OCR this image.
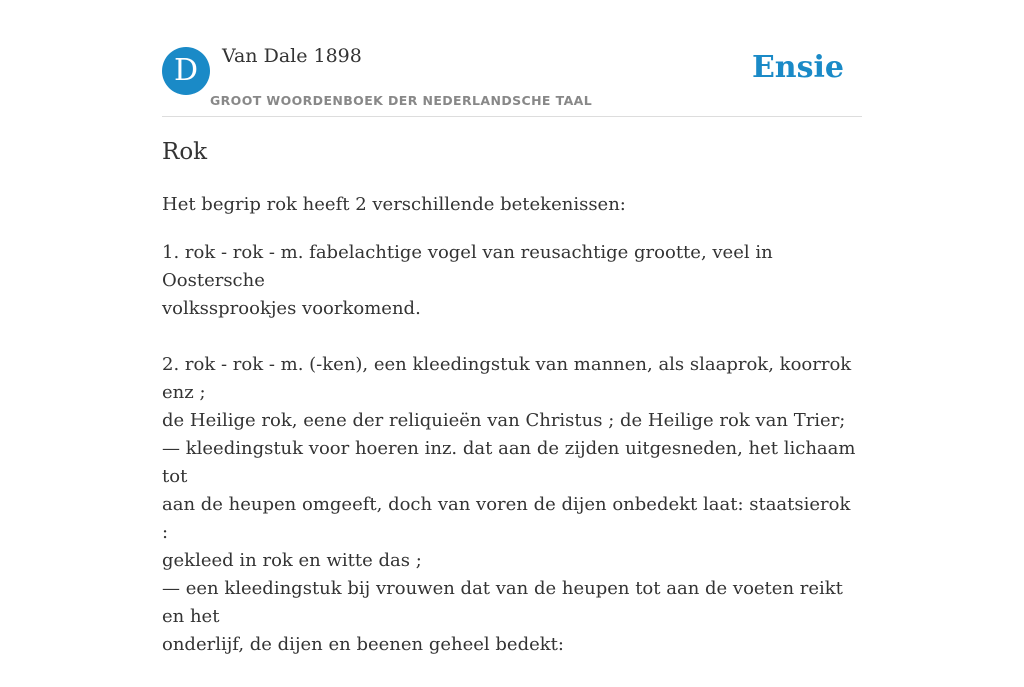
D	Van Dale 1898
GROOT WOORDENBOEK DER NEDERLANDSCHE TAAL
Ensie
Rok

Het begrip rok heeft 2 verschillende betekenissen:

1. rok - rok - m. fabelachtige vogel van reusachtige grootte, veel in Oostersche

volkssprookjes voorkomend.

2. rok - rok - m. (-ken), een kleedingstuk van mannen, als slaaprok, koorrok enz ;

de Heilige rok, eene der reliquieën van Christus ; de Heilige rok van Trier;

— kleedingstuk voor hoeren inz. dat aan de zijden uitgesneden, het lichaam tot

aan de heupen omgeeft, doch van voren de dijen onbedekt laat: staatsierok :

gekleed in rok en witte das ;

— een kleedingstuk bij vrouwen dat van de heupen tot aan de voeten reikt en het

onderlijf, de dijen en beenen geheel bedekt:
